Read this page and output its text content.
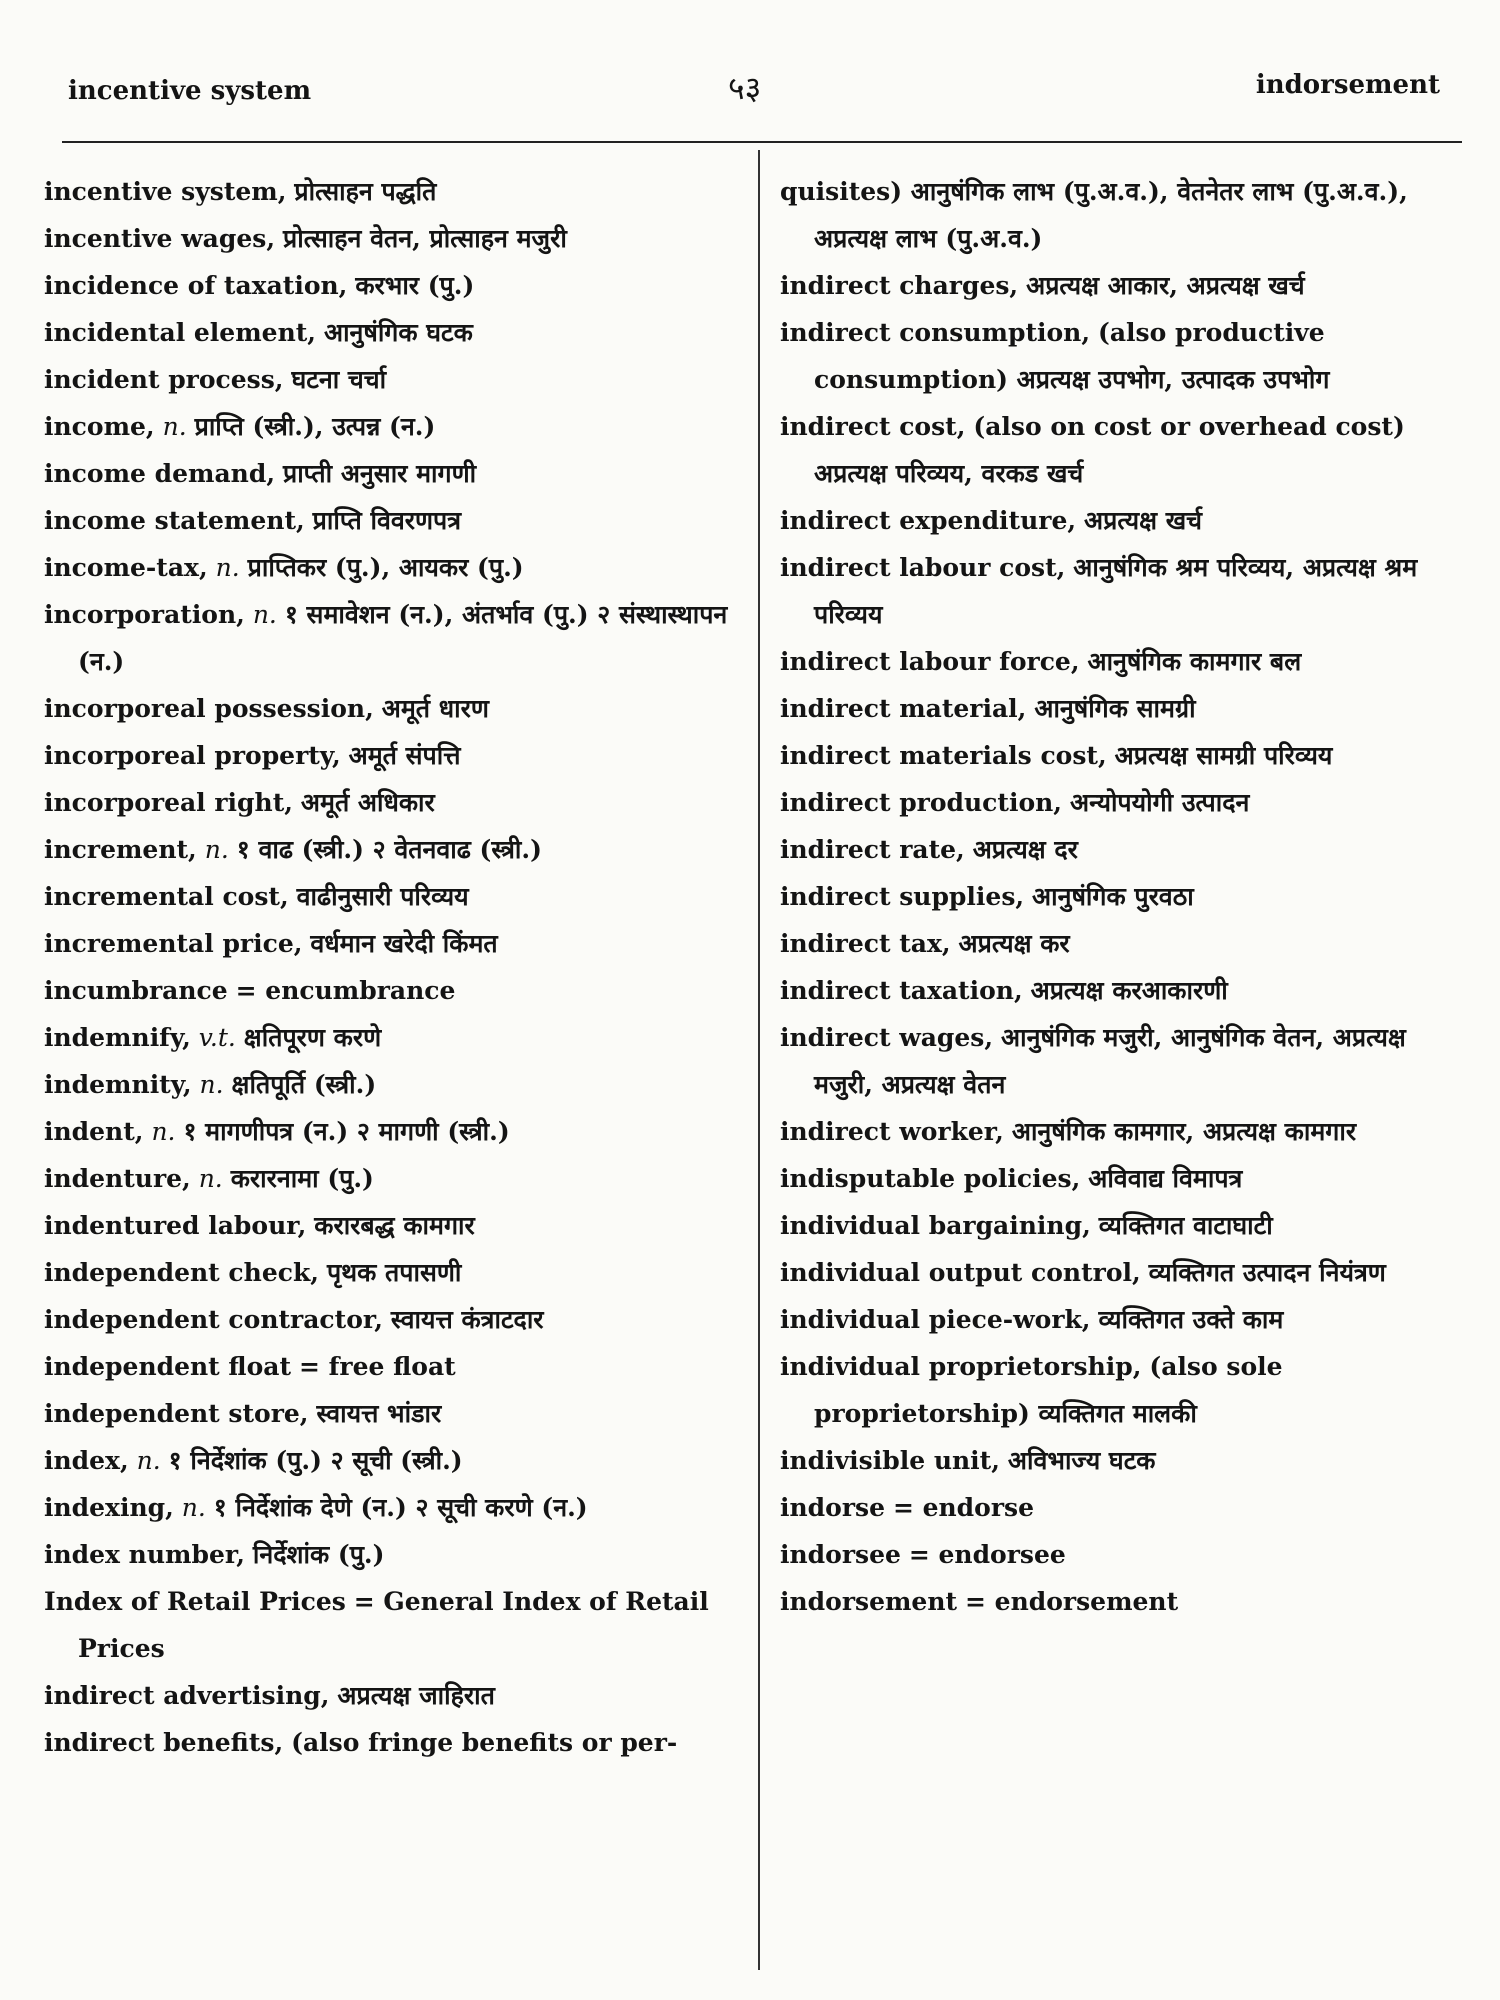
incentive system	५३	indorsement
incentive system, प्रोत्साहन पद्धति
incentive wages, प्रोत्साहन वेतन, प्रोत्साहन मजुरी
incidence of taxation, करभार (पु.)
incidental element, आनुषंगिक घटक
incident process, घटना चर्चा
income, n. प्राप्ति (स्त्री.), उत्पन्न (न.)
income demand, प्राप्ती अनुसार मागणी
income statement, प्राप्ति विवरणपत्र
income-tax, n. प्राप्तिकर (पु.), आयकर (पु.)
incorporation, n. १ समावेशन (न.), अंतर्भाव (पु.) २ संस्थास्थापन (न.)
incorporeal possession, अमूर्त धारण
incorporeal property, अमूर्त संपत्ति
incorporeal right, अमूर्त अधिकार
increment, n. १ वाढ (स्त्री.) २ वेतनवाढ (स्त्री.)
incremental cost, वाढीनुसारी परिव्यय
incremental price, वर्धमान खरेदी किंमत
incumbrance = encumbrance
indemnify, v.t. क्षतिपूरण करणे
indemnity, n. क्षतिपूर्ति (स्त्री.)
indent, n. १ मागणीपत्र (न.) २ मागणी (स्त्री.)
indenture, n. करारनामा (पु.)
indentured labour, करारबद्ध कामगार
independent check, पृथक तपासणी
independent contractor, स्वायत्त कंत्राटदार
independent float = free float
independent store, स्वायत्त भांडार
index, n. १ निर्देशांक (पु.) २ सूची (स्त्री.)
indexing, n. १ निर्देशांक देणे (न.) २ सूची करणे (न.)
index number, निर्देशांक (पु.)
Index of Retail Prices = General Index of Retail Prices
indirect advertising, अप्रत्यक्ष जाहिरात
indirect benefits, (also fringe benefits or per-
quisites) आनुषंगिक लाभ (पु.अ.व.), वेतनेतर लाभ (पु.अ.व.), अप्रत्यक्ष लाभ (पु.अ.व.)
indirect charges, अप्रत्यक्ष आकार, अप्रत्यक्ष खर्च
indirect consumption, (also productive consumption) अप्रत्यक्ष उपभोग, उत्पादक उपभोग
indirect cost, (also on cost or overhead cost) अप्रत्यक्ष परिव्यय, वरकड खर्च
indirect expenditure, अप्रत्यक्ष खर्च
indirect labour cost, आनुषंगिक श्रम परिव्यय, अप्रत्यक्ष श्रम परिव्यय
indirect labour force, आनुषंगिक कामगार बल
indirect material, आनुषंगिक सामग्री
indirect materials cost, अप्रत्यक्ष सामग्री परिव्यय
indirect production, अन्योपयोगी उत्पादन
indirect rate, अप्रत्यक्ष दर
indirect supplies, आनुषंगिक पुरवठा
indirect tax, अप्रत्यक्ष कर
indirect taxation, अप्रत्यक्ष करआकारणी
indirect wages, आनुषंगिक मजुरी, आनुषंगिक वेतन, अप्रत्यक्ष मजुरी, अप्रत्यक्ष वेतन
indirect worker, आनुषंगिक कामगार, अप्रत्यक्ष कामगार
indisputable policies, अविवाद्य विमापत्र
individual bargaining, व्यक्तिगत वाटाघाटी
individual output control, व्यक्तिगत उत्पादन नियंत्रण
individual piece-work, व्यक्तिगत उक्ते काम
individual proprietorship, (also sole proprietorship) व्यक्तिगत मालकी
indivisible unit, अविभाज्य घटक
indorse = endorse
indorsee = endorsee
indorsement = endorsement
